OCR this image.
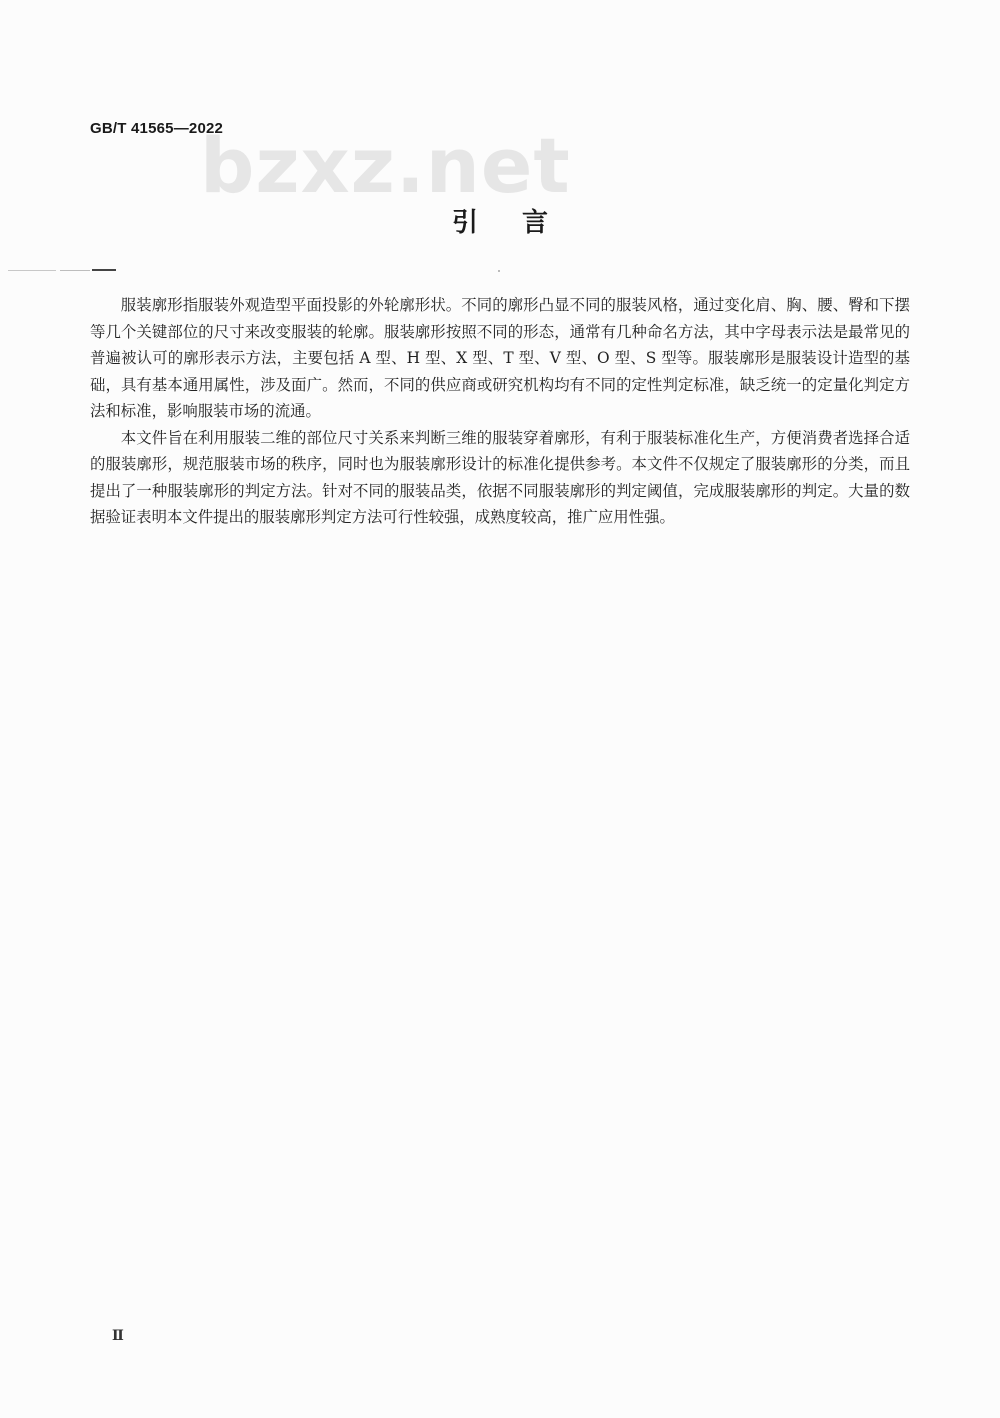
GB/T 41565—2022
bzxz.net
引言

服装廓形指服装外观造型平面投影的外轮廓形状。不同的廓形凸显不同的服装风格，通过变化肩、胸、腰、臀和下摆等几个关键部位的尺寸来改变服装的轮廓。服装廓形按照不同的形态，通常有几种命名方法，其中字母表示法是最常见的普遍被认可的廓形表示方法，主要包括 A 型、H 型、X 型、T 型、V 型、O 型、S 型等。服装廓形是服装设计造型的基础，具有基本通用属性，涉及面广。然而，不同的供应商或研究机构均有不同的定性判定标准，缺乏统一的定量化判定方法和标准，影响服装市场的流通。

本文件旨在利用服装二维的部位尺寸关系来判断三维的服装穿着廓形，有利于服装标准化生产，方便消费者选择合适的服装廓形，规范服装市场的秩序，同时也为服装廓形设计的标准化提供参考。本文件不仅规定了服装廓形的分类，而且提出了一种服装廓形的判定方法。针对不同的服装品类，依据不同服装廓形的判定阈值，完成服装廓形的判定。大量的数据验证表明本文件提出的服装廓形判定方法可行性较强，成熟度较高，推广应用性强。

Ⅱ
